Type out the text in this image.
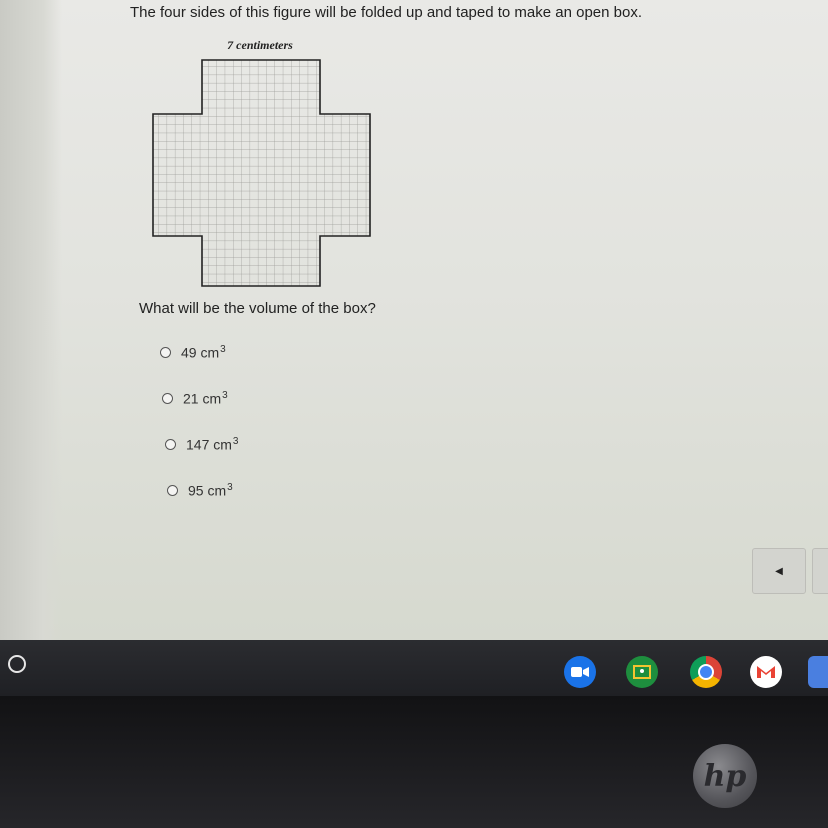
The four sides of this figure will be folded up and taped to make an open box.
7 centimeters
What will be the volume of the box?
49 $cm^3$
21 $cm^3$
147 $cm^3$
95 $cm^3$
◀
hp
